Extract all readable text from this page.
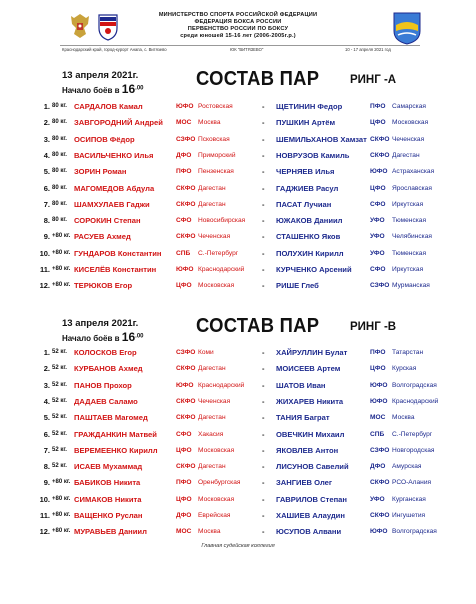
МИНИСТЕРСТВО СПОРТА РОССИЙСКОЙ ФЕДЕРАЦИИ
ФЕДЕРАЦИЯ БОКСА РОССИИ
ПЕРВЕНСТВО РОССИИ ПО БОКСУ
среди юношей 15-16 лет (2006-2005г.р.)
Краснодарский край, город-курорт Анапа, с. Витязево	ЮК "ВИТЯЗЕВО"	10 - 17 апреля 2021 год
13 апреля 2021г.
Начало боёв в $16^{.00}$	СОСТАВ ПАР	РИНГ -А
1. 80 кг. САРДАЛОВ Камал	ЮФО Ростовская	- ЩЕТИНИН Федор	ПФО Самарская
2. 80 кг. ЗАВГОРОДНИЙ Андрей МОС Москва	- ПУШКИН Артём	ЦФО Московская
3. 80 кг. ОСИПОВ Фёдор	СЗФО Псковская	- ШЕМИЛЬХАНОВ Хамзат СКФО Чеченская
4. 80 кг. ВАСИЛЬЧЕНКО Илья	ДФО Приморский	- НОВРУЗОВ Камиль	СКФО Дагестан
5. 80 кг. ЗОРИН Роман	ПФО Пензенская	- ЧЕРНЯЕВ Илья	ЮФО Астраханская
6. 80 кг. МАГОМЕДОВ Абдула	СКФО Дагестан	- ГАДЖИЕВ Расул	ЦФО Ярославская
7. 80 кг. ШАМХУЛАЕВ Гаджи	СКФО Дагестан	- ПАСАТ Лучиан	СФО Иркутская
8. 80 кг. СОРОКИН Степан	СФО Новосибирская - ЮЖАКОВ Даниил	УФО Тюменская
9. +80 кг. РАСУЕВ Ахмед	СКФО Чеченская	- СТАШЕНКО Яков	УФО Челябинская
10. +80 кг. ГУНДАРОВ Константин СПБ С.-Петербург	- ПОЛУХИН Кирилл	УФО Тюменская
11. +80 кг. КИСЕЛЁВ Константин	ЮФО Краснодарский - КУРЧЕНКО Арсений	СФО Иркутская
12. +80 кг. ТЕРЮКОВ Егор	ЦФО Московская	- РИШЕ Глеб	СЗФО Мурманская
13 апреля 2021г.
Начало боёв в $16^{.00}$	СОСТАВ ПАР	РИНГ -В
1. 52 кг. КОЛОСКОВ Егор	СЗФО Коми	- ХАЙРУЛЛИН Булат	ПФО Татарстан
2. 52 кг. КУРБАНОВ Ахмед	СКФО Дагестан	- МОИСЕЕВ Артем	ЦФО Курская
3. 52 кг. ПАНОВ Прохор	ЮФО Краснодарский - ШАТОВ Иван	ЮФО Волгоградская
4. 52 кг. ДАДАЕВ Саламо	СКФО Чеченская	- ЖИХАРЕВ Никита	ЮФО Краснодарский
5. 52 кг. ПАШТАЕВ Магомед	СКФО Дагестан	- ТАНИЯ Баграт	МОС Москва
6. 52 кг. ГРАЖДАНКИН Матвей	СФО Хакасия	- ОВЕЧКИН Михаил	СПБ С.-Петербург
7. 52 кг. ВЕРЕМЕЕНКО Кирилл	ЦФО Московская	- ЯКОВЛЕВ Антон	СЗФО Новгородская
8. 52 кг. ИСАЕВ Мухаммад	СКФО Дагестан	- ЛИСУНОВ Савелий	ДФО Амурская
9. +80 кг. БАБИКОВ Никита	ПФО Оренбургская	- ЗАНГИЕВ Олег	СКФО РСО-Алания
10. +80 кг. СИМАКОВ Никита	ЦФО Московская	- ГАВРИЛОВ Степан	УФО Курганская
11. +80 кг. ВАЩЕНКО Руслан	ДФО Еврейская	- ХАШИЕВ Алаудин	СКФО Ингушетия
12. +80 кг. МУРАВЬЕВ Даниил	МОС Москва	- ЮСУПОВ Алвани	ЮФО Волгоградская
Главная судейская коллегия
